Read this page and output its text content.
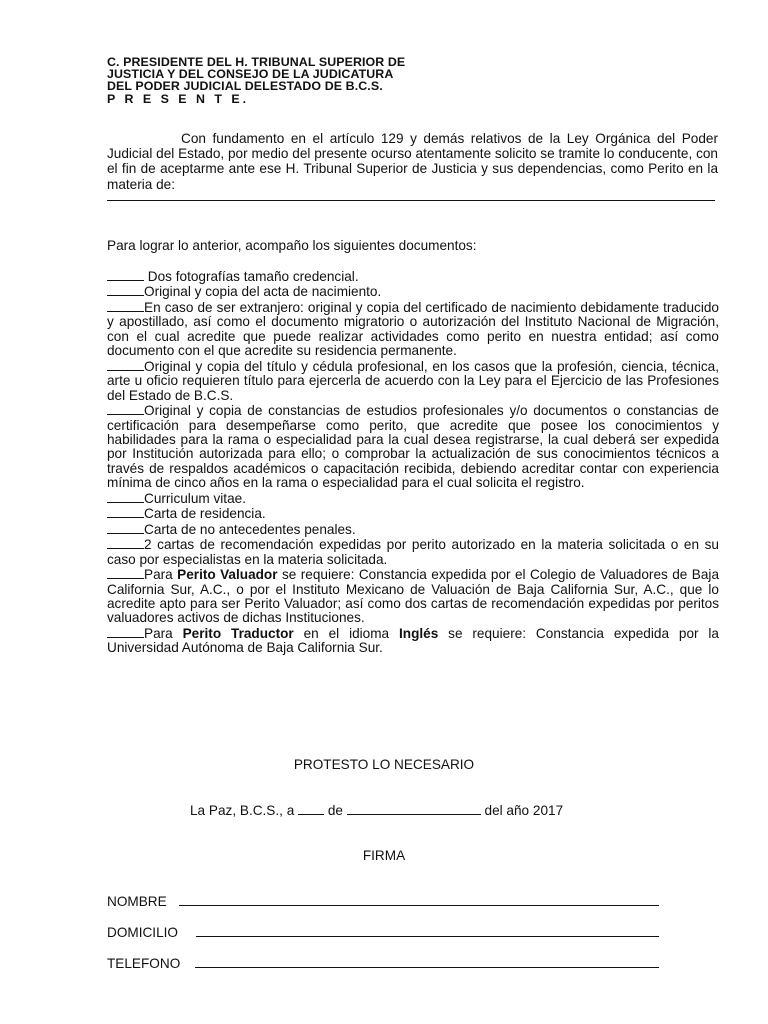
C. PRESIDENTE DEL H. TRIBUNAL SUPERIOR DE
JUSTICIA Y DEL CONSEJO DE LA JUDICATURA
DEL PODER JUDICIAL DELESTADO DE B.C.S.
P R E S E N T E.
Con fundamento en el artículo 129 y demás relativos de la Ley Orgánica del Poder Judicial del Estado, por medio del presente ocurso atentamente solicito se tramite lo conducente, con el fin de aceptarme ante ese H. Tribunal Superior de Justicia y sus dependencias, como Perito en la materia de:
Para lograr lo anterior, acompaño los siguientes documentos:
Dos fotografías tamaño credencial.
Original y copia del acta de nacimiento.
En caso de ser extranjero: original y copia del certificado de nacimiento debidamente traducido y apostillado, así como el documento migratorio o autorización del Instituto Nacional de Migración, con el cual acredite que puede realizar actividades como perito en nuestra entidad; así como documento con el que acredite su residencia permanente.
Original y copia del título y cédula profesional, en los casos que la profesión, ciencia, técnica, arte u oficio requieren título para ejercerla de acuerdo con la Ley para el Ejercicio de las Profesiones del Estado de B.C.S.
Original y copia de constancias de estudios profesionales y/o documentos o constancias de certificación para desempeñarse como perito, que acredite que posee los conocimientos y habilidades para la rama o especialidad para la cual desea registrarse, la cual deberá ser expedida por Institución autorizada para ello; o comprobar la actualización de sus conocimientos técnicos a través de respaldos académicos o capacitación recibida, debiendo acreditar contar con experiencia mínima de cinco años en la rama o especialidad para el cual solicita el registro.
Curriculum vitae.
Carta de residencia.
Carta de no antecedentes penales.
2 cartas de recomendación expedidas por perito autorizado en la materia solicitada o en su caso por especialistas en la materia solicitada.
Para Perito Valuador se requiere: Constancia expedida por el Colegio de Valuadores de Baja California Sur, A.C., o por el Instituto Mexicano de Valuación de Baja California Sur, A.C., que lo acredite apto para ser Perito Valuador; así como dos cartas de recomendación expedidas por peritos valuadores activos de dichas Instituciones.
Para Perito Traductor en el idioma Inglés se requiere: Constancia expedida por la Universidad Autónoma de Baja California Sur.
PROTESTO LO NECESARIO
La Paz, B.C.S., a  de	del año 2017
FIRMA
NOMBRE
DOMICILIO
TELEFONO
